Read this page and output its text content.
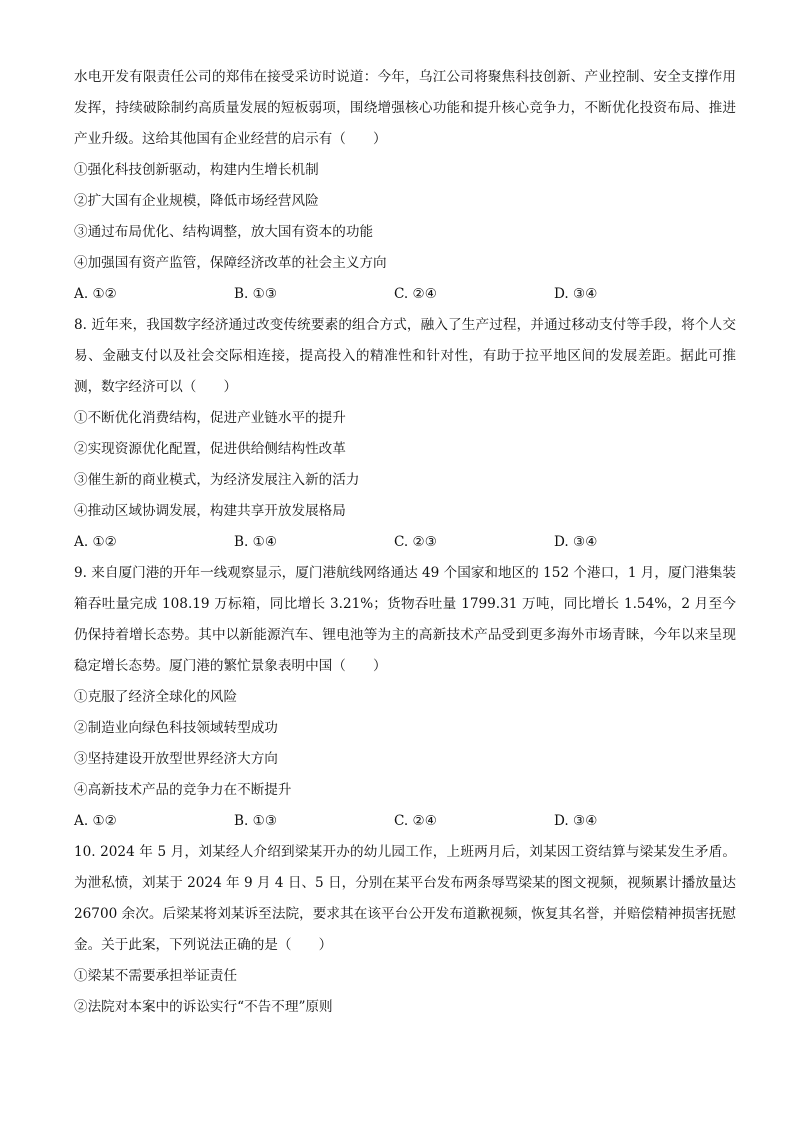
水电开发有限责任公司的郑伟在接受采访时说道：今年，乌江公司将聚焦科技创新、产业控制、安全支撑作用发挥，持续破除制约高质量发展的短板弱项，围绕增强核心功能和提升核心竞争力，不断优化投资布局、推进产业升级。这给其他国有企业经营的启示有（　　）

①强化科技创新驱动，构建内生增长机制

②扩大国有企业规模，降低市场经营风险

③通过布局优化、结构调整，放大国有资本的功能

④加强国有资产监管，保障经济改革的社会主义方向

A. ①②	B. ①③	C. ②④	D. ③④

8. 近年来，我国数字经济通过改变传统要素的组合方式，融入了生产过程，并通过移动支付等手段，将个人交易、金融支付以及社会交际相连接，提高投入的精准性和针对性，有助于拉平地区间的发展差距。据此可推测，数字经济可以（　　）

①不断优化消费结构，促进产业链水平的提升

②实现资源优化配置，促进供给侧结构性改革

③催生新的商业模式，为经济发展注入新的活力

④推动区域协调发展，构建共享开放发展格局

A. ①②	B. ①④	C. ②③	D. ③④

9. 来自厦门港的开年一线观察显示，厦门港航线网络通达 49 个国家和地区的 152 个港口，1 月，厦门港集装箱吞吐量完成 108.19 万标箱，同比增长 3.21%；货物吞吐量 1799.31 万吨，同比增长 1.54%，2 月至今仍保持着增长态势。其中以新能源汽车、锂电池等为主的高新技术产品受到更多海外市场青睐，今年以来呈现稳定增长态势。厦门港的繁忙景象表明中国（　　）

①克服了经济全球化的风险

②制造业向绿色科技领域转型成功

③坚持建设开放型世界经济大方向

④高新技术产品的竞争力在不断提升

A. ①②	B. ①③	C. ②④	D. ③④

10. 2024 年 5 月，刘某经人介绍到梁某开办的幼儿园工作，上班两月后，刘某因工资结算与梁某发生矛盾。为泄私愤，刘某于 2024 年 9 月 4 日、5 日，分别在某平台发布两条辱骂梁某的图文视频，视频累计播放量达 26700 余次。后梁某将刘某诉至法院，要求其在该平台公开发布道歉视频，恢复其名誉，并赔偿精神损害抚慰金。关于此案，下列说法正确的是（　　）

①梁某不需要承担举证责任

②法院对本案中的诉讼实行“不告不理”原则
